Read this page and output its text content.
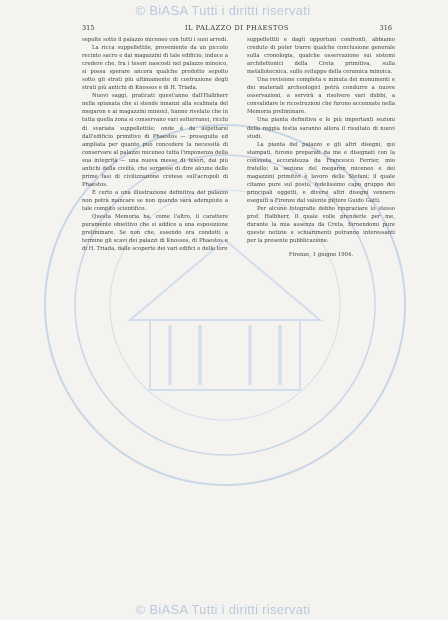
© BiASA Tutti i diritti riservati
315	IL PALAZZO DI PHAESTOS	316

sepolte sotto il palazzo miceneo con tutti i suoi arredi.

La ricca suppellettile, proveniente da un piccolo recinto sacro e dai magazzini di tale edificio, induce a credere che, fra i tesori nascosti nel palazzo minoico, si possa sperare ancora qualche prodotto sepolto sotto gli strati più ultimamente di costruzione degli strati più antichi di Knossos e di H. Triada.

Nuovi saggi, praticati quest'anno dall'Halbherr nella spianata che si stende innanzi alla scalinata del megaron e ai magazzini minoici, hanno rivelato che in tutta quella zona si conservano vari sotterranei, ricchi di svariata suppellettile; onde è da aspettarsi dall'edificio primitivo di Phaestos — proseguita ed ampliata per quanto può concedere la necessità di conservare al palazzo miceneo tutta l'imponenza della sua integrità — una nuova messe di tesori, dai più antichi della civiltà, che sorgesse di dire alcune delle prime fasi di civilizzazione cretese sull'acropoli di Phaestos.

È certo a una illustrazione definitiva del palazzo non potrà mancare se non quando sarà adempiuto a tale compito scientifico.

Questa Memoria ha, come l'altro, il carattere puramente obiettivo che si addice a una esposizione preliminare. Se non che, essendo ora condotti a termine gli scavi dei palazzi di Knossos, di Phaestos e di H. Triada, dalle scoperte dei vari edifici e delle loro

suppellettili e dagli opportuni confronti, abbiamo creduto di poter trarre qualche conclusione generale sulla cronologia, qualche osservazione sui sistemi architettonici della Creta primitiva, sulla metallotecnica, sullo sviluppo della ceramica minoica.

Una revisione completa e minuta dei monumenti e dei materiali archeologici potrà condurre a nuove osservazioni, a servirà a risolvere vari dubbi, a convalidare le ricostruzioni che furono accennate nella Memoria preliminare.

Una pianta definitiva e le più importanti sezioni della reggia festia saranno allora il risultato di nuovi studi.

La pianta del palazzo e gli altri disegni, qui stampati, furono preparati da me e disegnati con la consueta accuratezza da Francesco Ferrier, mio fratello; la sezione del megaron miceneo e dei magazzini primitivi è lavoro delle Stefani; il quale citamo pure sul posto, fedelissimo capo gruppo dei principali oggetti, e diversi altri disegni vennero eseguiti a Firenze dal valente pittore Guido Gatti.

Per alcune fotografie debbo ringraziare lo stesso prof. Halbherr, il quale volle prenderle per me, durante la mia assenza da Creta, fornendomi pure queste notizie e schiarimenti potranno interessanti per la presente pubblicazione.

Firenze, 1 giugno 1904.

© BiASA Tutti i diritti riservati
